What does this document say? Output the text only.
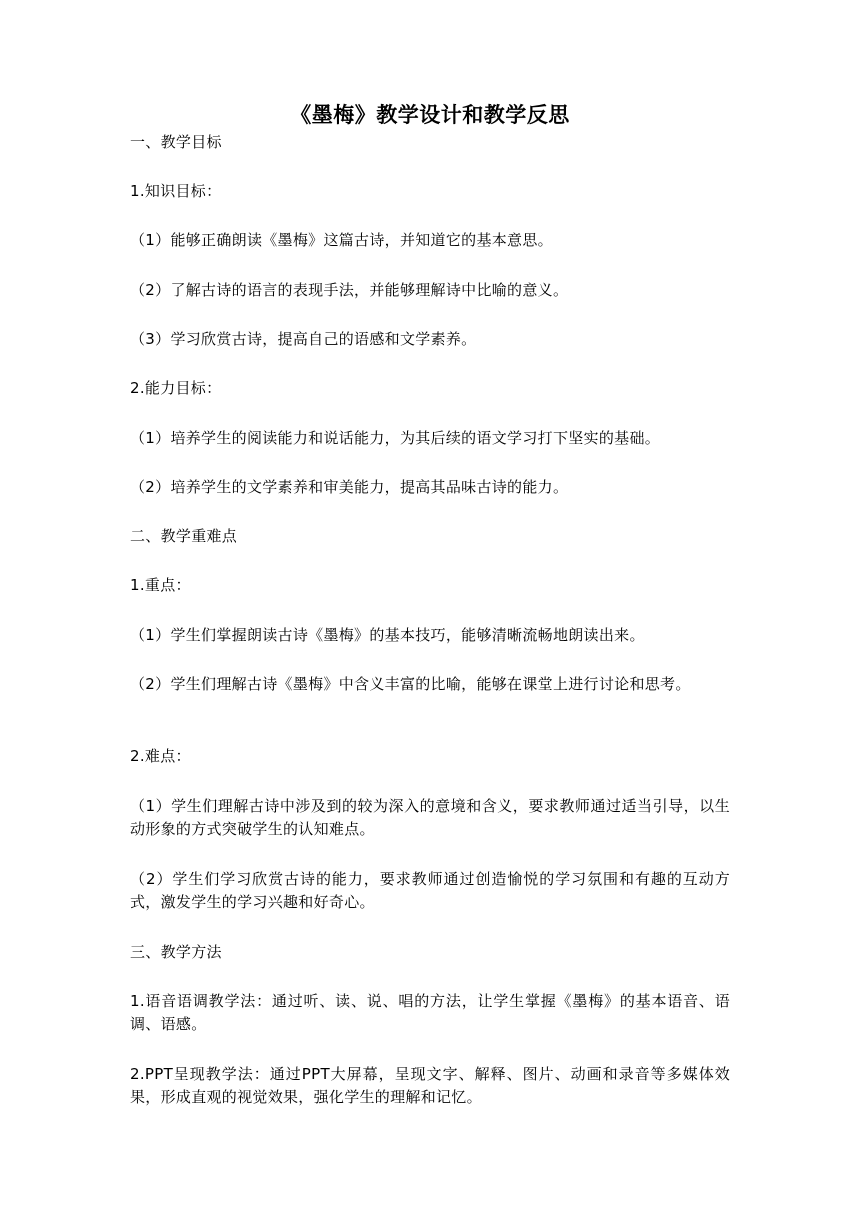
《墨梅》教学设计和教学反思
一、教学目标
1.知识目标：
（1）能够正确朗读《墨梅》这篇古诗，并知道它的基本意思。
（2）了解古诗的语言的表现手法，并能够理解诗中比喻的意义。
（3）学习欣赏古诗，提高自己的语感和文学素养。
2.能力目标：
（1）培养学生的阅读能力和说话能力，为其后续的语文学习打下坚实的基础。
（2）培养学生的文学素养和审美能力，提高其品味古诗的能力。
二、教学重难点
1.重点：
（1）学生们掌握朗读古诗《墨梅》的基本技巧，能够清晰流畅地朗读出来。
（2）学生们理解古诗《墨梅》中含义丰富的比喻，能够在课堂上进行讨论和思考。
2.难点：
（1）学生们理解古诗中涉及到的较为深入的意境和含义，要求教师通过适当引导，以生动形象的方式突破学生的认知难点。
（2）学生们学习欣赏古诗的能力，要求教师通过创造愉悦的学习氛围和有趣的互动方式，激发学生的学习兴趣和好奇心。
三、教学方法
1.语音语调教学法：通过听、读、说、唱的方法，让学生掌握《墨梅》的基本语音、语调、语感。
2.PPT呈现教学法：通过PPT大屏幕，呈现文字、解释、图片、动画和录音等多媒体效果，形成直观的视觉效果，强化学生的理解和记忆。
